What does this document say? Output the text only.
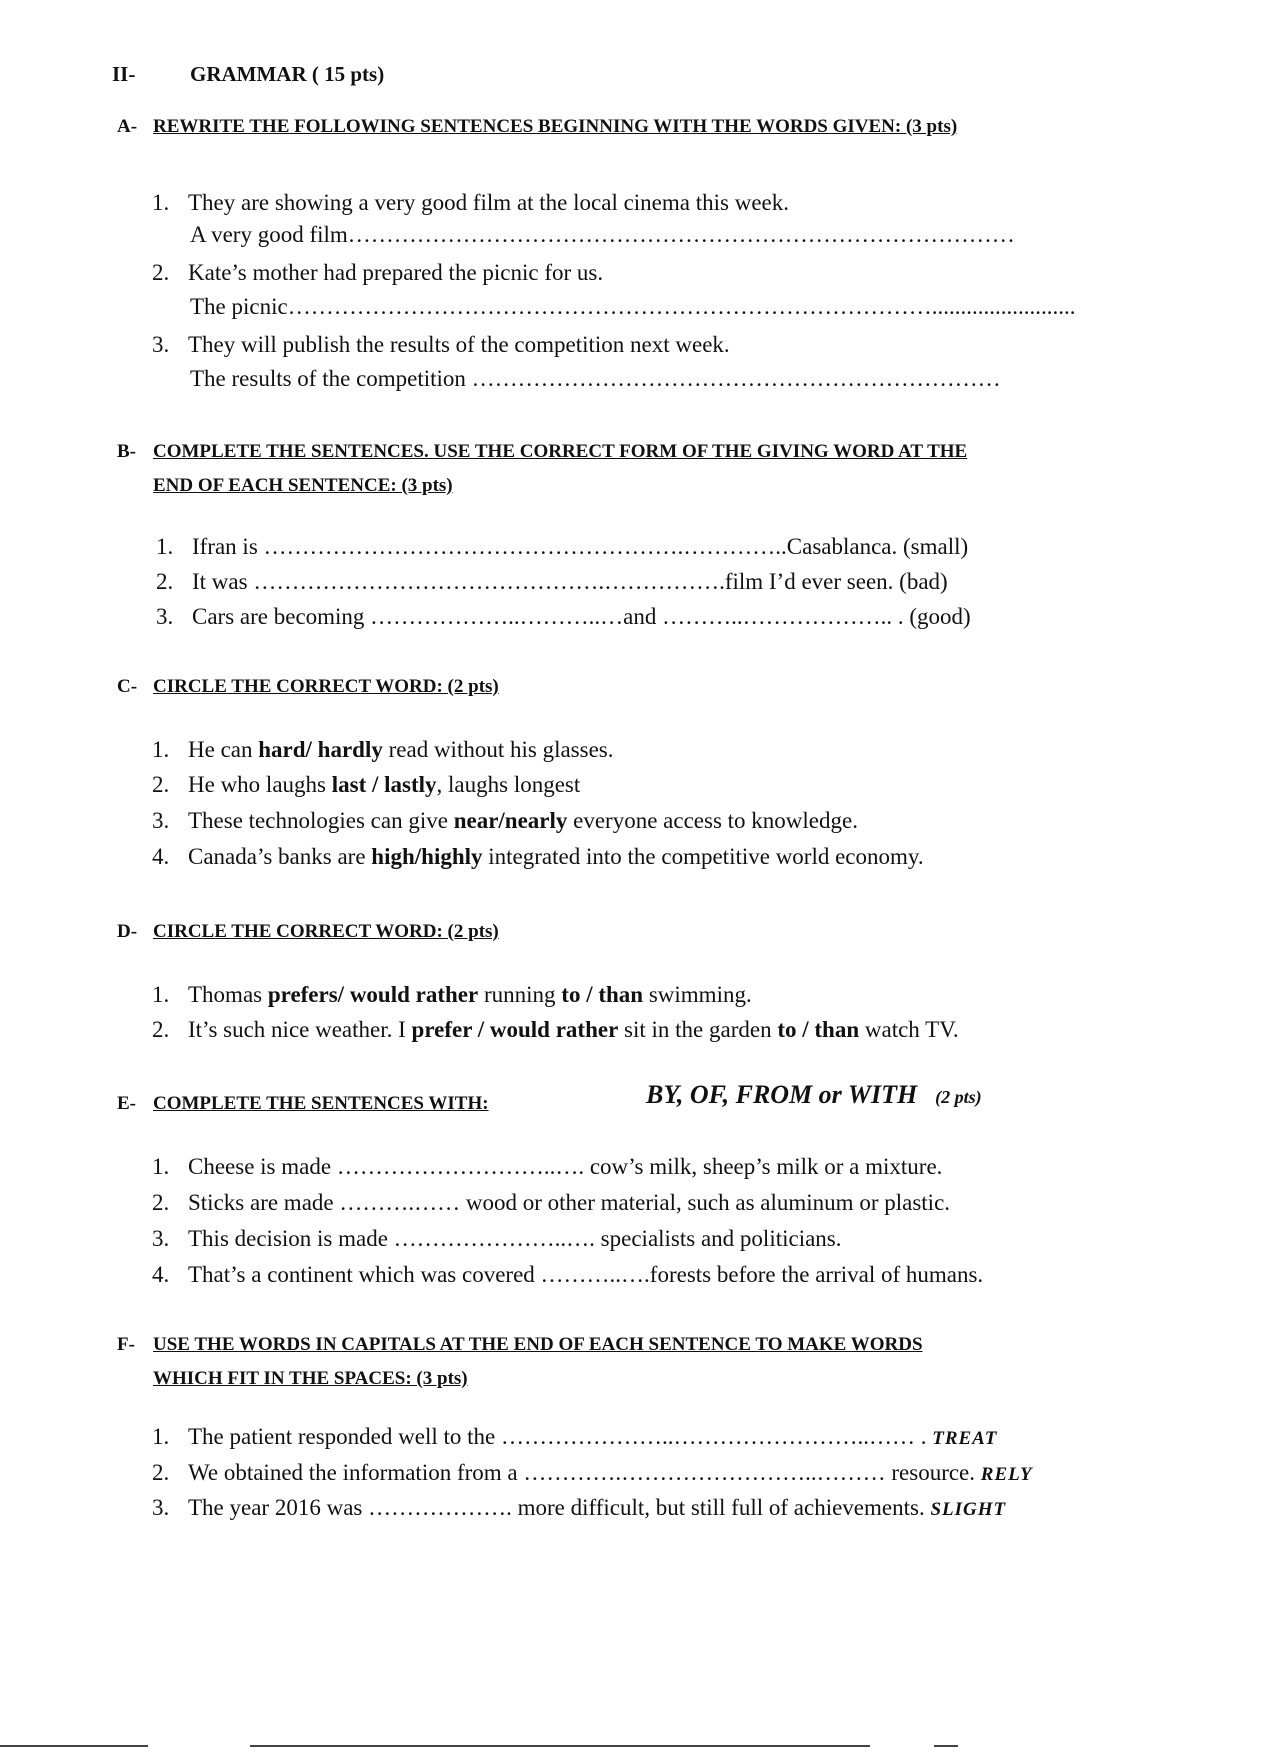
II-	GRAMMAR ( 15 pts)
A- REWRITE THE FOLLOWING SENTENCES BEGINNING WITH THE WORDS GIVEN: (3 pts)
1. They are showing a very good film at the local cinema this week.
A very good film……………………………………………………………………………
2. Kate’s mother had prepared the picnic for us.
The picnic………………………………………………………………………….........................
3. They will publish the results of the competition next week.
The results of the competition ……………………………………………………………
B- COMPLETE THE SENTENCES. USE THE CORRECT FORM OF THE GIVING WORD AT THE
END OF EACH SENTENCE: (3 pts)
1. Ifran is ……………………………………………….…………..Casablanca. (small)
2. It was ……………………………………….…………….film I’d ever seen. (bad)
3. Cars are becoming ………………..………..…and ………..……………….. . (good)
C- CIRCLE THE CORRECT WORD: (2 pts)
1. He can hard/ hardly read without his glasses.
2. He who laughs last / lastly, laughs longest
3. These technologies can give near/nearly everyone access to knowledge.
4. Canada’s banks are high/highly integrated into the competitive world economy.
D- CIRCLE THE CORRECT WORD: (2 pts)
1. Thomas prefers/ would rather running to / than swimming.
2. It’s such nice weather. I prefer / would rather sit in the garden to / than watch TV.
E- COMPLETE THE SENTENCES WITH:	BY, OF, FROM or WITH (2 pts)
1. Cheese is made ………………………..…. cow’s milk, sheep’s milk or a mixture.
2. Sticks are made ……….…… wood or other material, such as aluminum or plastic.
3. This decision is made …………………..…. specialists and politicians.
4. That’s a continent which was covered ………..….forests before the arrival of humans.
F- USE THE WORDS IN CAPITALS AT THE END OF EACH SENTENCE TO MAKE WORDS
WHICH FIT IN THE SPACES: (3 pts)
1. The patient responded well to the …………………..……………………..…… . TREAT
2. We obtained the information from a ………….……………………..……… resource. RELY
3. The year 2016 was ………………. more difficult, but still full of achievements. SLIGHT
